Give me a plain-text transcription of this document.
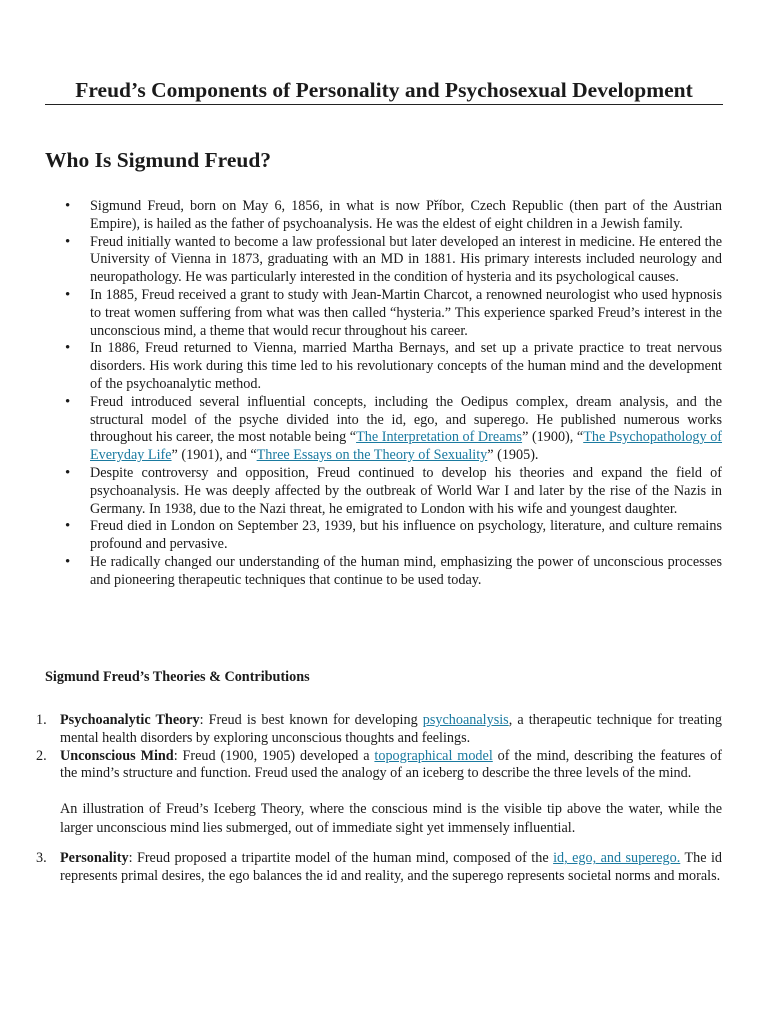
Freud’s Components of Personality and Psychosexual Development
Who Is Sigmund Freud?
• Sigmund Freud, born on May 6, 1856, in what is now Příbor, Czech Republic (then part of the Austrian Empire), is hailed as the father of psychoanalysis. He was the eldest of eight children in a Jewish family.
• Freud initially wanted to become a law professional but later developed an interest in medicine. He entered the University of Vienna in 1873, graduating with an MD in 1881. His primary interests included neurology and neuropathology. He was particularly interested in the condition of hysteria and its psychological causes.
• In 1885, Freud received a grant to study with Jean-Martin Charcot, a renowned neurologist who used hypnosis to treat women suffering from what was then called “hysteria.” This experience sparked Freud’s interest in the unconscious mind, a theme that would recur throughout his career.
• In 1886, Freud returned to Vienna, married Martha Bernays, and set up a private practice to treat nervous disorders. His work during this time led to his revolutionary concepts of the human mind and the development of the psychoanalytic method.
• Freud introduced several influential concepts, including the Oedipus complex, dream analysis, and the structural model of the psyche divided into the id, ego, and superego. He published numerous works throughout his career, the most notable being “The Interpretation of Dreams” (1900), “The Psychopathology of Everyday Life” (1901), and “Three Essays on the Theory of Sexuality” (1905).
• Despite controversy and opposition, Freud continued to develop his theories and expand the field of psychoanalysis. He was deeply affected by the outbreak of World War I and later by the rise of the Nazis in Germany. In 1938, due to the Nazi threat, he emigrated to London with his wife and youngest daughter.
• Freud died in London on September 23, 1939, but his influence on psychology, literature, and culture remains profound and pervasive.
• He radically changed our understanding of the human mind, emphasizing the power of unconscious processes and pioneering therapeutic techniques that continue to be used today.
Sigmund Freud’s Theories & Contributions
1. Psychoanalytic Theory: Freud is best known for developing psychoanalysis, a therapeutic technique for treating mental health disorders by exploring unconscious thoughts and feelings.
2. Unconscious Mind: Freud (1900, 1905) developed a topographical model of the mind, describing the features of the mind’s structure and function. Freud used the analogy of an iceberg to describe the three levels of the mind.
An illustration of Freud’s Iceberg Theory, where the conscious mind is the visible tip above the water, while the larger unconscious mind lies submerged, out of immediate sight yet immensely influential.
3. Personality: Freud proposed a tripartite model of the human mind, composed of the id, ego, and superego. The id represents primal desires, the ego balances the id and reality, and the superego represents societal norms and morals.
